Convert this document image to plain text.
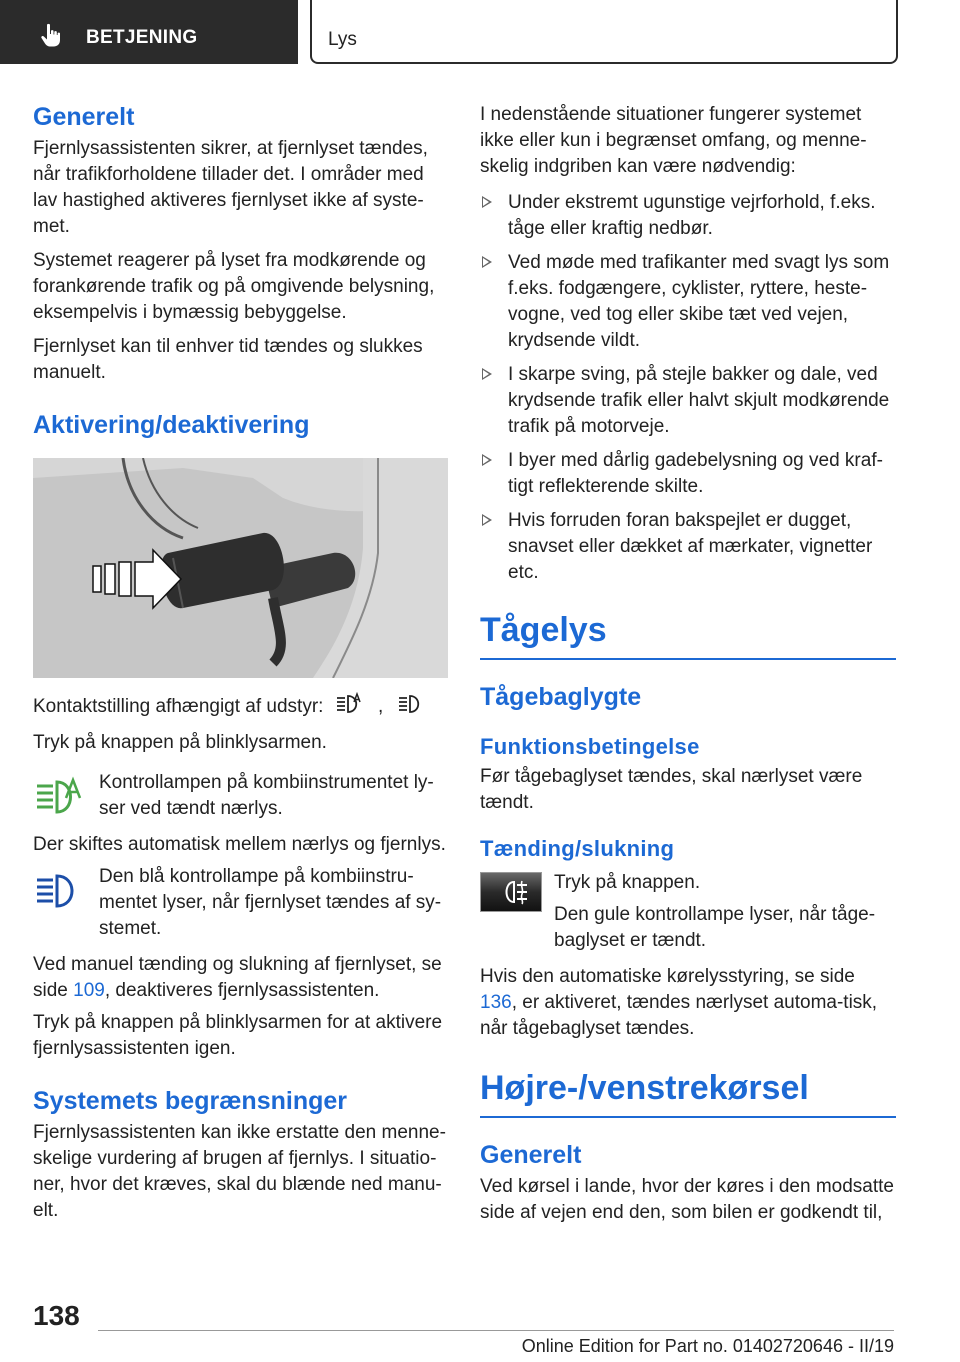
BETJENING	Lys
Generelt

Fjernlysassistenten sikrer, at fjernlyset tændes, når trafikforholdene tillader det. I områder med lav hastighed aktiveres fjernlyset ikke af syste-met.

Systemet reagerer på lyset fra modkørende og forankørende trafik og på omgivende belysning, eksempelvis i bymæssig bebyggelse.

Fjernlyset kan til enhver tid tændes og slukkes manuelt.

Aktivering/deaktivering

Kontaktstilling afhængigt af udstyr:	,

Tryk på knappen på blinklysarmen.

Kontrollampen på kombiinstrumentet ly-ser ved tændt nærlys.

Der skiftes automatisk mellem nærlys og fjernlys.

Den blå kontrollampe på kombiinstru-mentet lyser, når fjernlyset tændes af sy-stemet.

Ved manuel tænding og slukning af fjernlyset, se side 109, deaktiveres fjernlysassistenten.

Tryk på knappen på blinklysarmen for at aktivere fjernlysassistenten igen.

Systemets begrænsninger

Fjernlysassistenten kan ikke erstatte den menne-skelige vurdering af brugen af fjernlys. I situatio-ner, hvor det kræves, skal du blænde ned manu-elt.

I nedenstående situationer fungerer systemet ikke eller kun i begrænset omfang, og menne-skelig indgriben kan være nødvendig:

Under ekstremt ugunstige vejrforhold, f.eks. tåge eller kraftig nedbør.
Ved møde med trafikanter med svagt lys som f.eks. fodgængere, cyklister, ryttere, heste-vogne, ved tog eller skibe tæt ved vejen, krydsende vildt.
I skarpe sving, på stejle bakker og dale, ved krydsende trafik eller halvt skjult modkørende trafik på motorveje.
I byer med dårlig gadebelysning og ved kraf-tigt reflekterende skilte.
Hvis forruden foran bakspejlet er dugget, snavset eller dækket af mærkater, vignetter etc.
Tågelys
Tågebaglygte
Funktionsbetingelse

Før tågebaglyset tændes, skal nærlyset være tændt.

Tænding/slukning

Tryk på knappen.

Den gule kontrollampe lyser, når tåge-baglyset er tændt.

Hvis den automatiske kørelysstyring, se side 136, er aktiveret, tændes nærlyset automa-tisk, når tågebaglyset tændes.

Højre-/venstrekørsel
Generelt

Ved kørsel i lande, hvor der køres i den modsatte side af vejen end den, som bilen er godkendt til,

138
Online Edition for Part no. 01402720646 - II/19
